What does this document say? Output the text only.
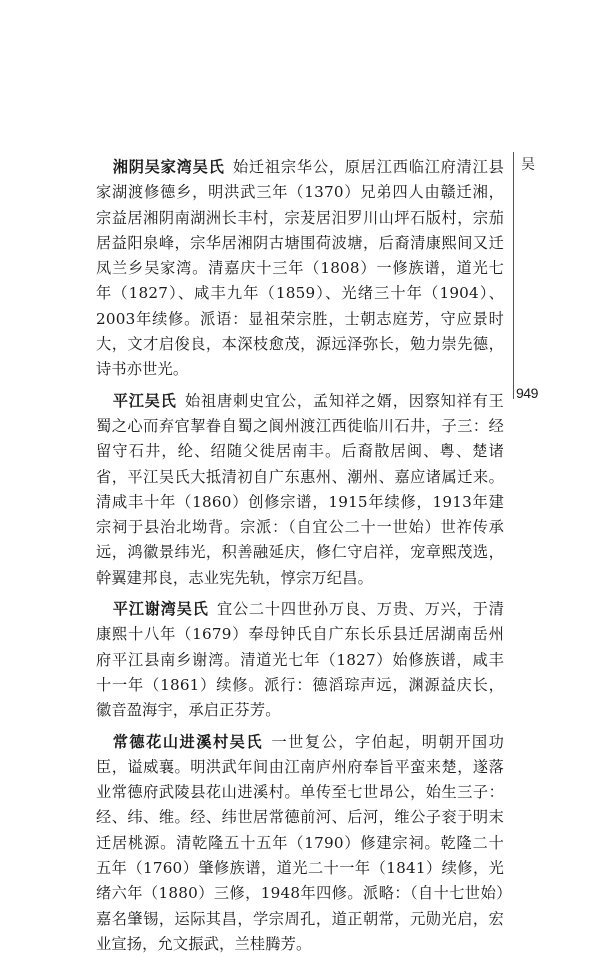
湘阴吴家湾吴氏 始迁祖宗华公，原居江西临江府清江县家湖渡修德乡，明洪武三年（1370）兄弟四人由赣迁湘，宗益居湘阴南湖洲长丰村，宗茇居汨罗川山坪石版村，宗茄居益阳泉峰，宗华居湘阴古塘围荷波塘，后裔清康熙间又迁凤兰乡吴家湾。清嘉庆十三年（1808）一修族谱，道光七年（1827）、咸丰九年（1859）、光绪三十年（1904）、2003年续修。派语：显祖荣宗胜，士朝志庭芳，守应景时大，文才启俊良，本深枝愈茂，源远泽弥长，勉力崇先德，诗书亦世光。

平江吴氏 始祖唐刺史宜公，孟知祥之婿，因察知祥有王蜀之心而弃官挈眷自蜀之阆州渡江西徙临川石井，子三：经留守石井，纶、绍随父徙居南丰。后裔散居闽、粤、楚诸省，平江吴氏大抵清初自广东惠州、潮州、嘉应诸属迁来。清咸丰十年（1860）创修宗谱，1915年续修，1913年建宗祠于县治北坳背。宗派：（自宜公二十一世始）世祚传承远，鸿徽景纬光，积善融延庆，修仁守启祥，宠章熙茂选，幹翼建邦良，志业宪先轨，惇宗万纪昌。

平江谢湾吴氏 宜公二十四世孙万良、万贵、万兴，于清康熙十八年（1679）奉母钟氏自广东长乐县迁居湖南岳州府平江县南乡谢湾。清道光七年（1827）始修族谱，咸丰十一年（1861）续修。派行：德滔琮声远，渊源益庆长，徽音盈海宇，承启正芬芳。

常德花山进溪村吴氏 一世复公，字伯起，明朝开国功臣，谥威襄。明洪武年间由江南庐州府奉旨平蛮来楚，遂落业常德府武陵县花山进溪村。单传至七世昂公，始生三子：经、纬、维。经、纬世居常德前河、后河，维公子衮于明末迁居桃源。清乾隆五十五年（1790）修建宗祠。乾隆二十五年（1760）肇修族谱，道光二十一年（1841）续修，光绪六年（1880）三修，1948年四修。派略：（自十七世始）嘉名肇锡，运际其昌，学宗周孔，道正朝常，元勋光启，宏业宣扬，允文振武，兰桂腾芳。

吴
949
